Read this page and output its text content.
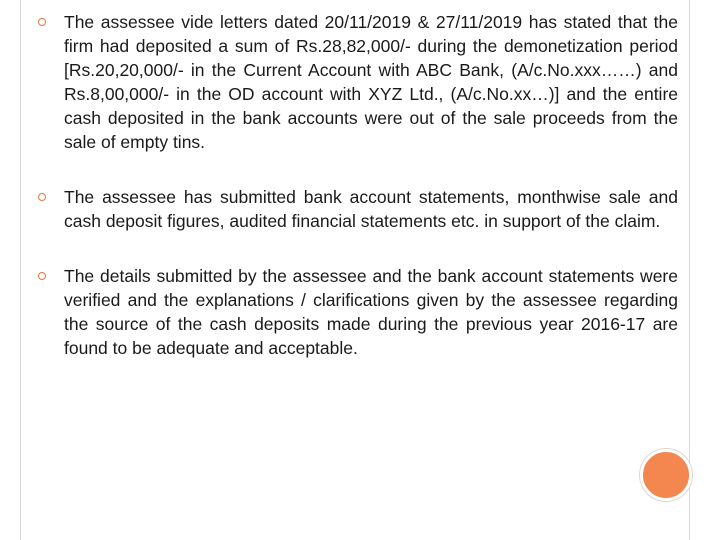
The assessee vide letters dated 20/11/2019 & 27/11/2019 has stated that the firm had deposited a sum of Rs.28,82,000/- during the demonetization period [Rs.20,20,000/- in the Current Account with ABC Bank, (A/c.No.xxx……) and Rs.8,00,000/- in the OD account with XYZ Ltd., (A/c.No.xx…)] and the entire cash deposited in the bank accounts were out of the sale proceeds from the sale of empty tins.
The assessee has submitted bank account statements, monthwise sale and cash deposit figures, audited financial statements etc. in support of the claim.
The details submitted by the assessee and the bank account statements were verified and the explanations / clarifications given by the assessee regarding the source of the cash deposits made during the previous year 2016-17 are found to be adequate and acceptable.
